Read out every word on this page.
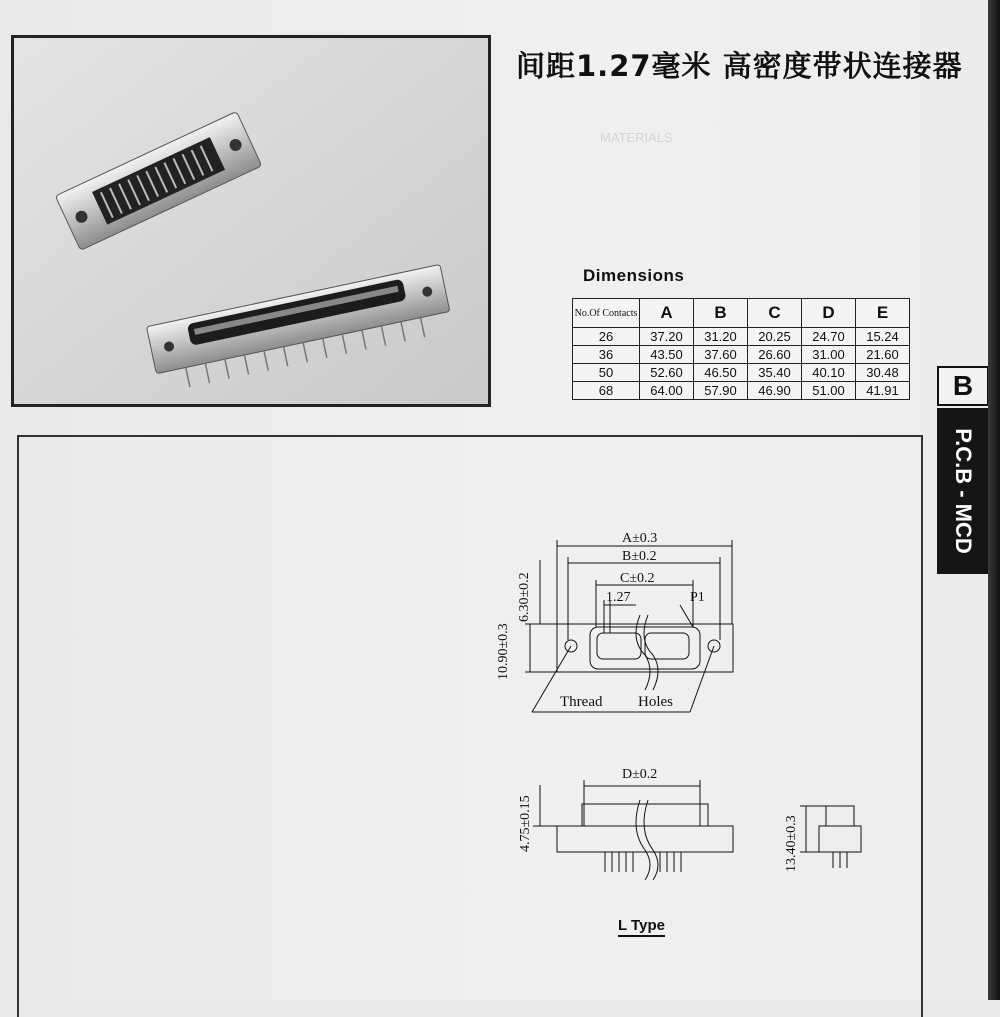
MATERIALS
间距1.27毫米 高密度带状连接器
Dimensions
No.Of Contacts	A	B	C	D	E
26	37.20	31.20	20.25	24.70	15.24
36	43.50	37.60	26.60	31.00	21.60
50	52.60	46.50	35.40	40.10	30.48
68	64.00	57.90	46.90	51.00	41.91	B
P.C.B - MCD
A±0.3
B±0.2
C±0.2
1.27	P1
6.30±0.2
10.90±0.3
Thread Holes
D±0.2
4.75±0.15	13.40±0.3
L Type
